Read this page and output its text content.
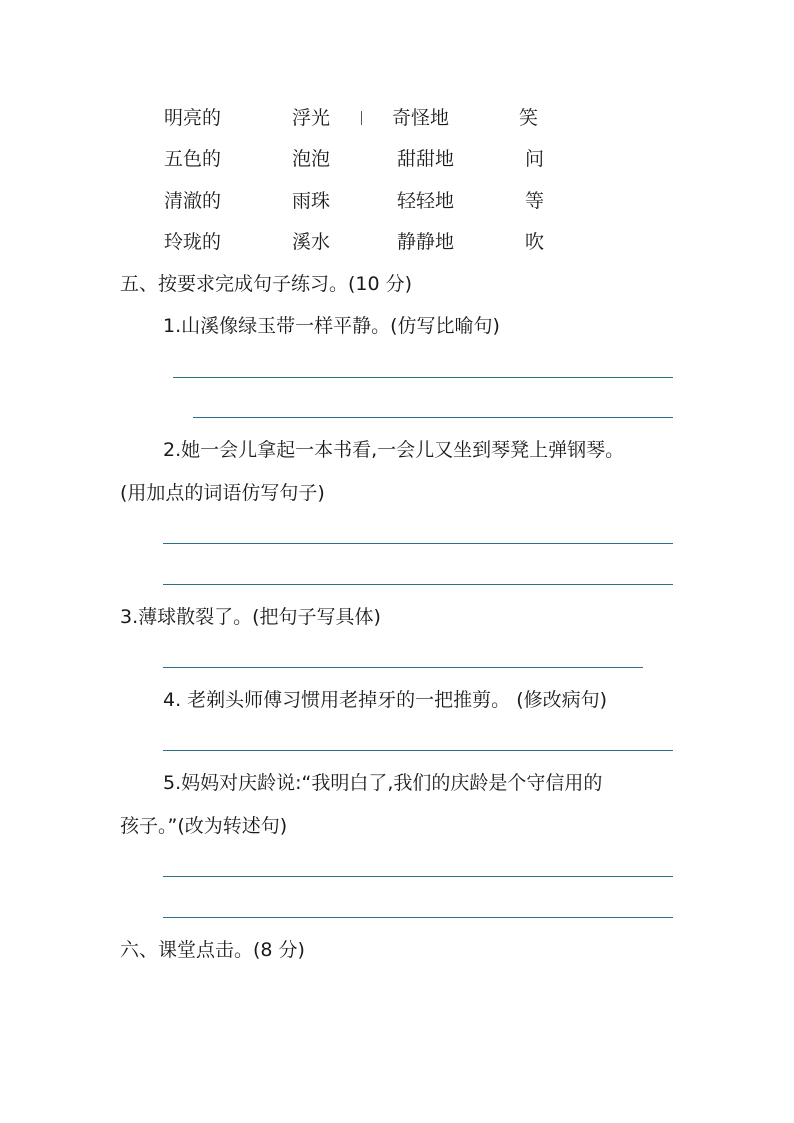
明亮的	浮光	奇怪地	笑
五色的	泡泡	甜甜地	问
清澈的	雨珠	轻轻地	等
玲珑的	溪水	静静地	吹
五、按要求完成句子练习。(10 分)
1.山溪像绿玉带一样平静。(仿写比喻句)
2.她一会儿拿起一本书看,一会儿又坐到琴凳上弹钢琴。
(用加点的词语仿写句子)
3.薄球散裂了。(把句子写具体)
4. 老剃头师傅习惯用老掉牙的一把推剪。 (修改病句)
5.妈妈对庆龄说:“我明白了,我们的庆龄是个守信用的
孩子。”(改为转述句)
六、课堂点击。(8 分)
